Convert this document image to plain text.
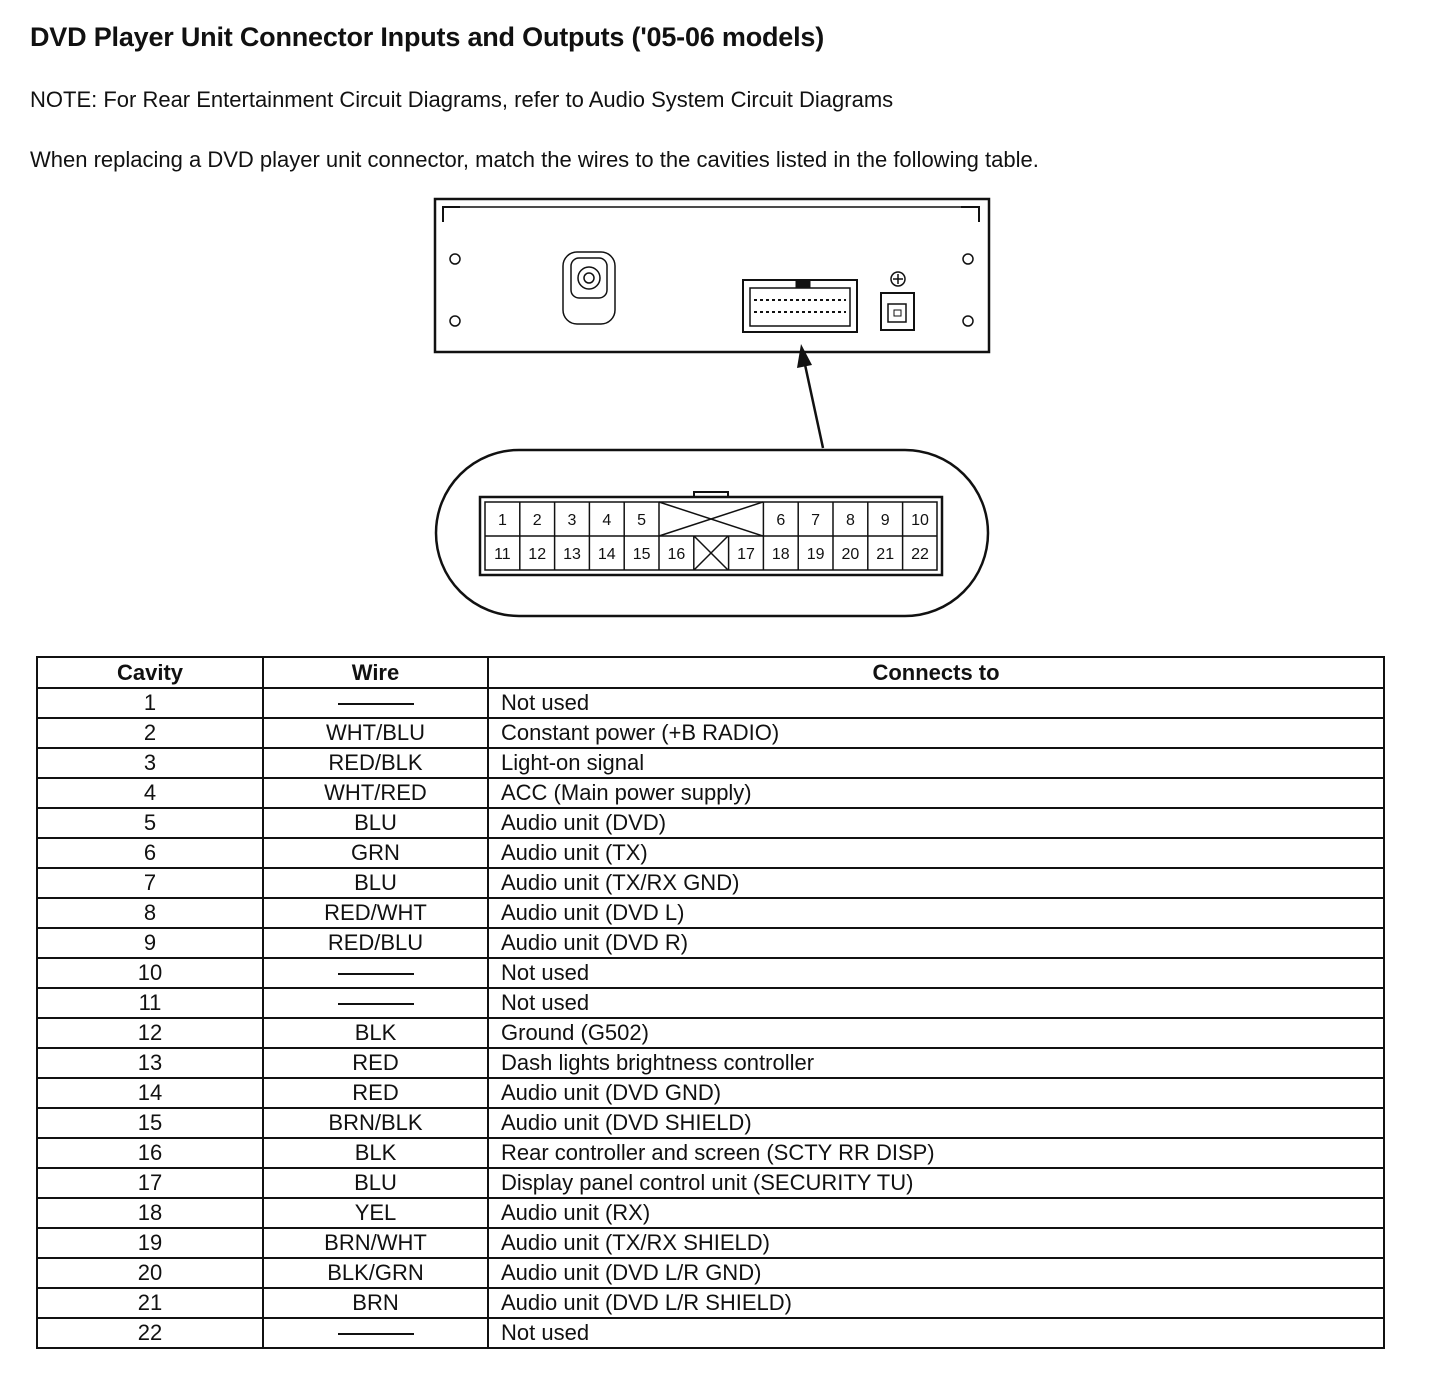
DVD Player Unit Connector Inputs and Outputs ('05-06 models)
NOTE: For Rear Entertainment Circuit Diagrams, refer to Audio System Circuit Diagrams
When replacing a DVD player unit connector, match the wires to the cavities listed in the following table.
1 2 3 4 5	6 7 8 9 10
11 12 13 14 15 16	17 18 19 20 21 22
Cavity	Wire	Connects to
1		Not used
2	WHT/BLU	Constant power (+B RADIO)
3	RED/BLK	Light-on signal
4	WHT/RED	ACC (Main power supply)
5	BLU	Audio unit (DVD)
6	GRN	Audio unit (TX)
7	BLU	Audio unit (TX/RX GND)
8	RED/WHT	Audio unit (DVD L)
9	RED/BLU	Audio unit (DVD R)
10		Not used
11		Not used
12	BLK	Ground (G502)
13	RED	Dash lights brightness controller
14	RED	Audio unit (DVD GND)
15	BRN/BLK	Audio unit (DVD SHIELD)
16	BLK	Rear controller and screen (SCTY RR DISP)
17	BLU	Display panel control unit (SECURITY TU)
18	YEL	Audio unit (RX)
19	BRN/WHT	Audio unit (TX/RX SHIELD)
20	BLK/GRN	Audio unit (DVD L/R GND)
21	BRN	Audio unit (DVD L/R SHIELD)
22		Not used
